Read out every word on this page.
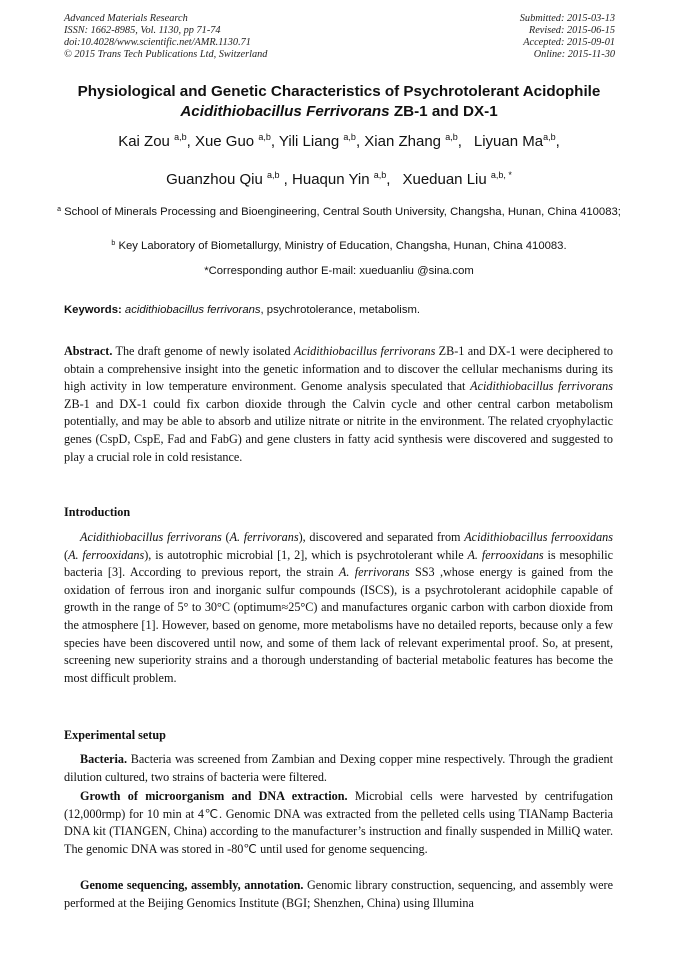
Advanced Materials Research
ISSN: 1662-8985, Vol. 1130, pp 71-74
doi:10.4028/www.scientific.net/AMR.1130.71
© 2015 Trans Tech Publications Ltd, Switzerland
Submitted: 2015-03-13
Revised: 2015-06-15
Accepted: 2015-09-01
Online: 2015-11-30
Physiological and Genetic Characteristics of Psychrotolerant Acidophile
Acidithiobacillus Ferrivorans ZB-1 and DX-1
Kai Zou $^{a,b}$, Xue Guo $^{a,b}$, Yili Liang $^{a,b}$, Xian Zhang $^{a,b}$, Liyuan Ma$^{a,b}$,
Guanzhou Qiu $^{a,b}$ , Huaqun Yin $^{a,b}$, Xueduan Liu $^{a,b, *}$
$^a$ School of Minerals Processing and Bioengineering, Central South University, Changsha, Hunan, China 410083;
$^b$ Key Laboratory of Biometallurgy, Ministry of Education, Changsha, Hunan, China 410083.
*Corresponding author E-mail: xueduanliu @sina.com
Keywords: acidithiobacillus ferrivorans, psychrotolerance, metabolism.
Abstract. The draft genome of newly isolated Acidithiobacillus ferrivorans ZB-1 and DX-1 were deciphered to obtain a comprehensive insight into the genetic information and to discover the cellular mechanisms during its high activity in low temperature environment. Genome analysis speculated that Acidithiobacillus ferrivorans ZB-1 and DX-1 could fix carbon dioxide through the Calvin cycle and other central carbon metabolism potentially, and may be able to absorb and utilize nitrate or nitrite in the environment. The related cryophylactic genes (CspD, CspE, Fad and FabG) and gene clusters in fatty acid synthesis were discovered and suggested to play a crucial role in cold resistance.
Introduction
Acidithiobacillus ferrivorans (A. ferrivorans), discovered and separated from Acidithiobacillus ferrooxidans (A. ferrooxidans), is autotrophic microbial [1, 2], which is psychrotolerant while A. ferrooxidans is mesophilic bacteria [3]. According to previous report, the strain A. ferrivorans SS3 ,whose energy is gained from the oxidation of ferrous iron and inorganic sulfur compounds (ISCS), is a psychrotolerant acidophile capable of growth in the range of 5° to 30°C (optimum≈25°C) and manufactures organic carbon with carbon dioxide from the atmosphere [1]. However, based on genome, more metabolisms have no detailed reports, because only a few species have been discovered until now, and some of them lack of relevant experimental proof. So, at present, screening new superiority strains and a thorough understanding of bacterial metabolic features has become the most difficult problem.
Experimental setup
Bacteria. Bacteria was screened from Zambian and Dexing copper mine respectively. Through the gradient dilution cultured, two strains of bacteria were filtered.
Growth of microorganism and DNA extraction. Microbial cells were harvested by centrifugation (12,000rmp) for 10 min at 4℃. Genomic DNA was extracted from the pelleted cells using TIANamp Bacteria DNA kit (TIANGEN, China) according to the manufacturer’s instruction and finally suspended in MilliQ water. The genomic DNA was stored in -80℃ until used for genome sequencing.
Genome sequencing, assembly, annotation. Genomic library construction, sequencing, and assembly were performed at the Beijing Genomics Institute (BGI; Shenzhen, China) using Illumina
